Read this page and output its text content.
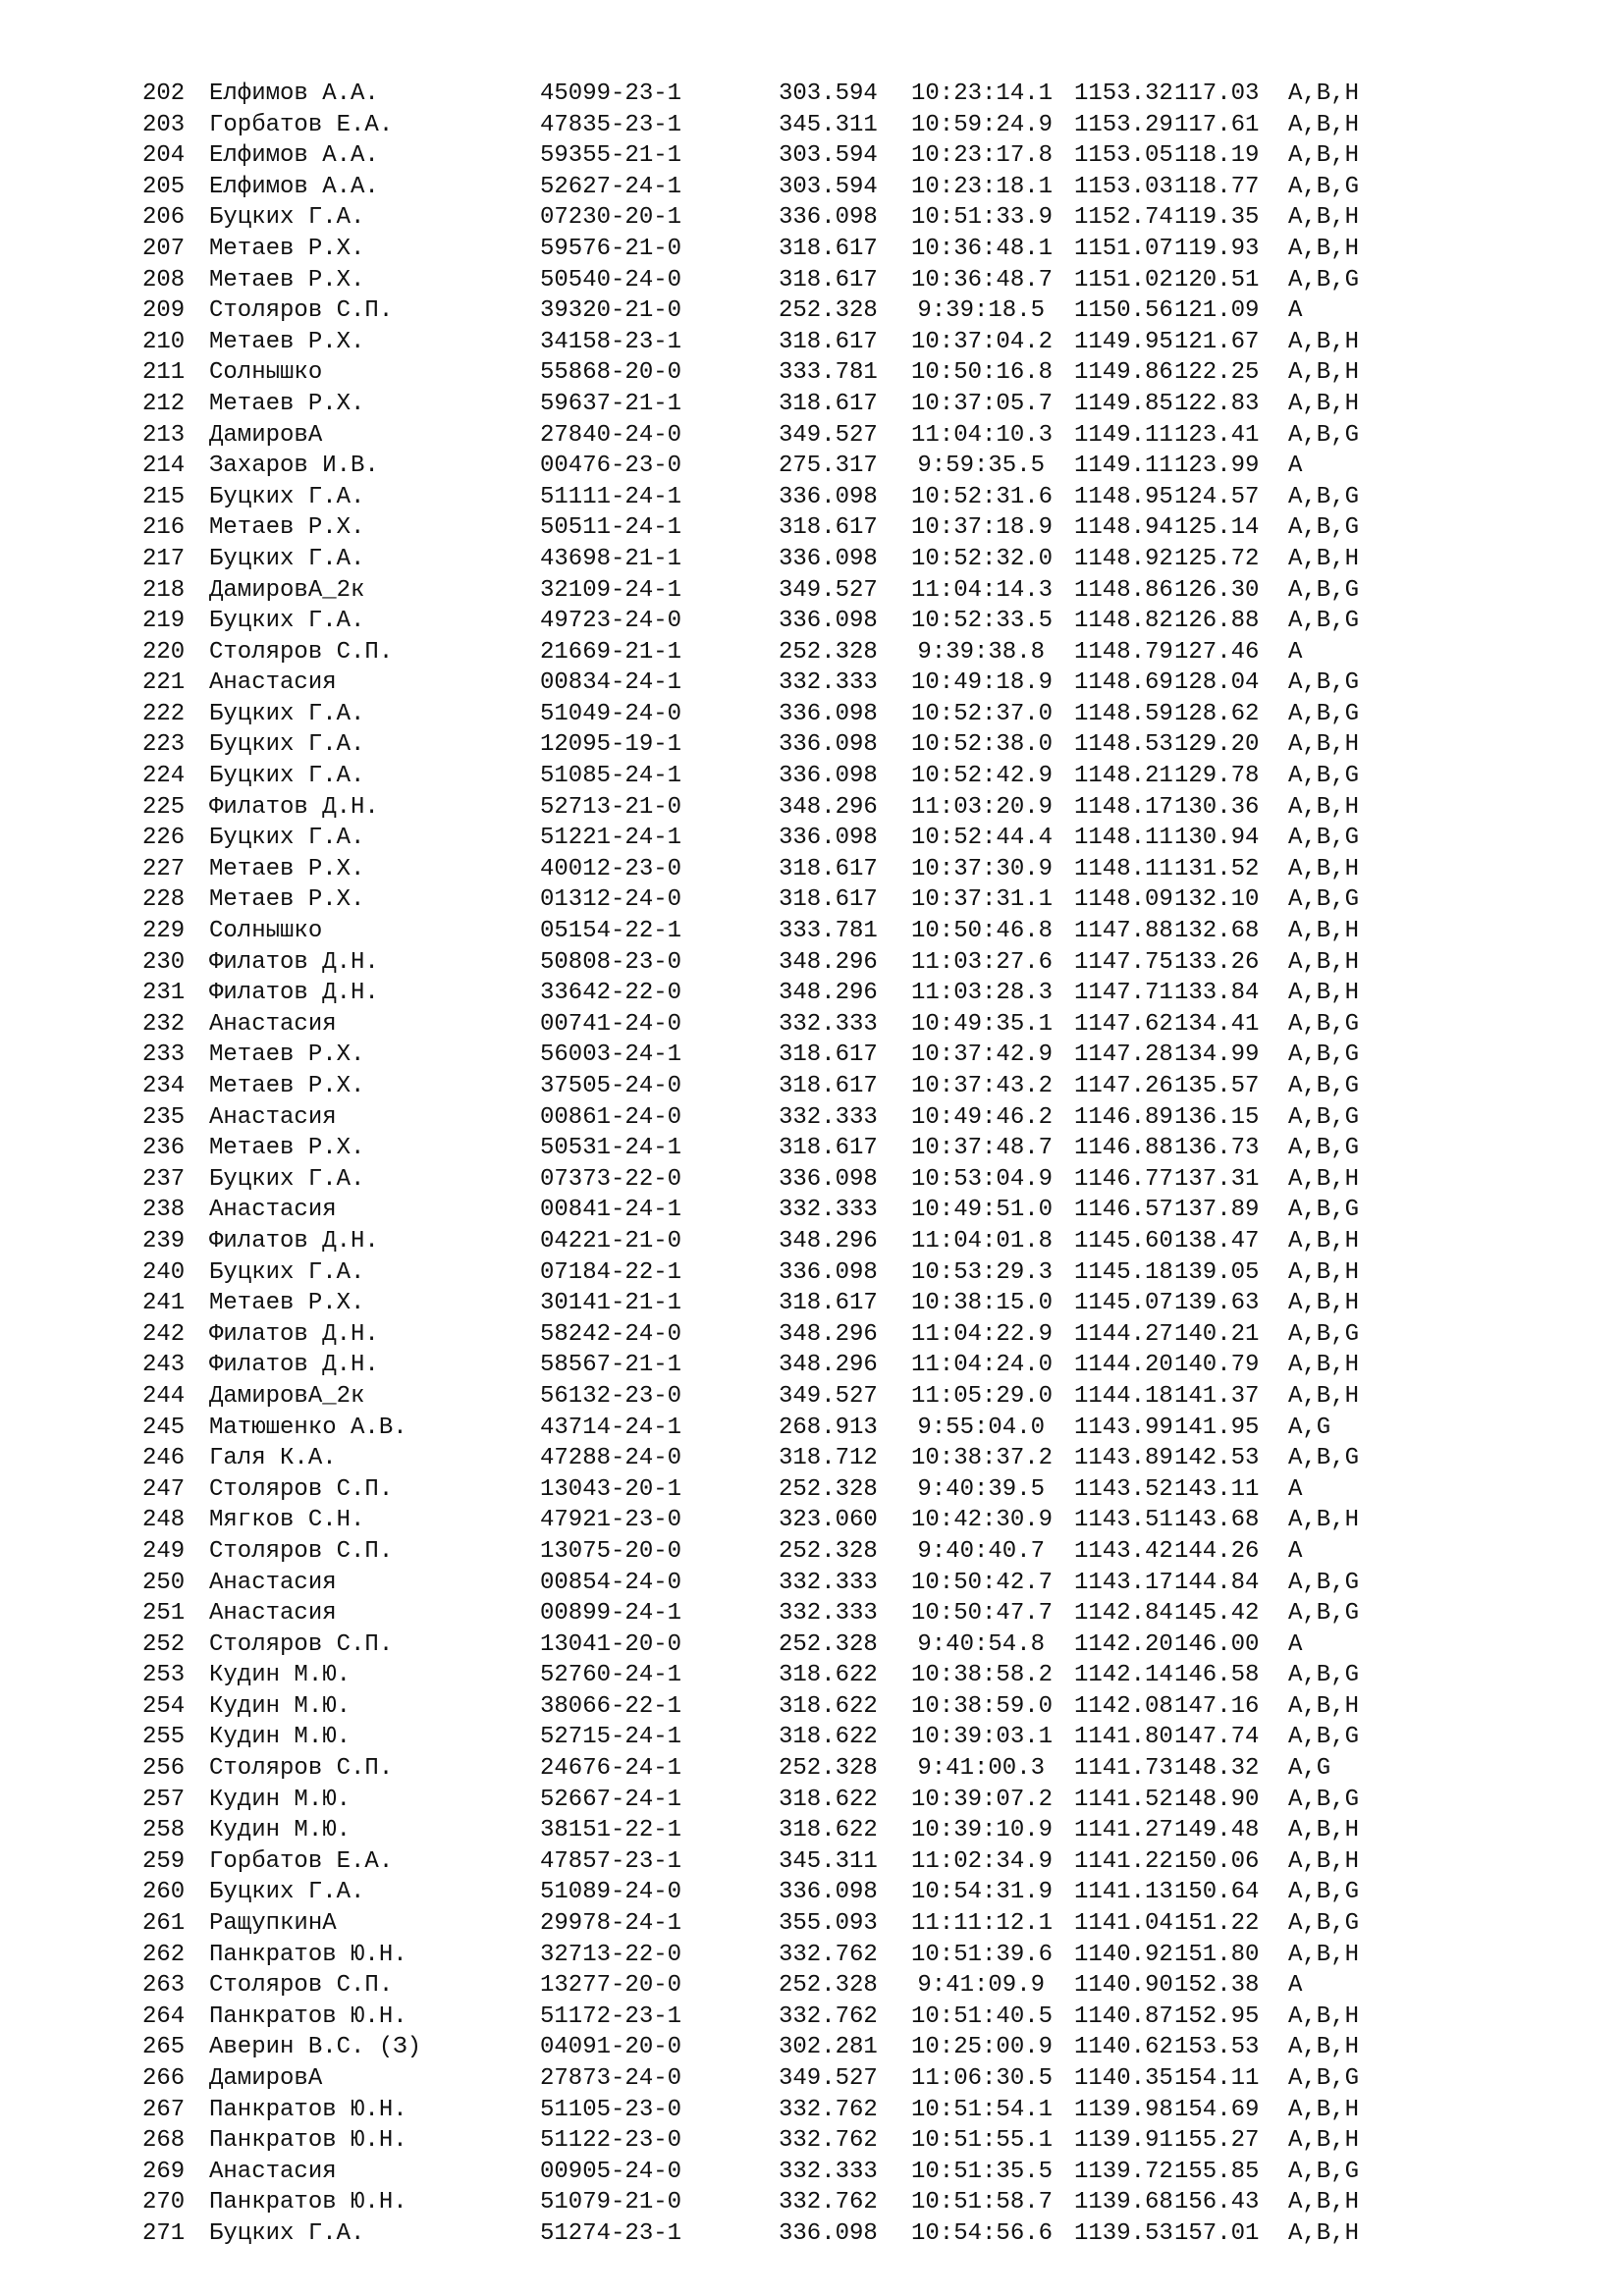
202	Елфимов А.А.	45099-23-1	303.594	10:23:14.1 1153.32 117.03	A,B,H
203	Горбатов Е.А.	47835-23-1	345.311	10:59:24.9 1153.29 117.61	A,B,H
204	Елфимов А.А.	59355-21-1	303.594	10:23:17.8 1153.05 118.19	A,B,H
205	Елфимов А.А.	52627-24-1	303.594	10:23:18.1 1153.03 118.77	A,B,G
206	Буцких Г.А.	07230-20-1	336.098	10:51:33.9 1152.74 119.35	A,B,H
207	Метаев Р.Х.	59576-21-0	318.617	10:36:48.1 1151.07 119.93	A,B,H
208	Метаев Р.Х.	50540-24-0	318.617	10:36:48.7 1151.02 120.51	A,B,G
209	Столяров С.П.	39320-21-0	252.328	9:39:18.5	1150.56 121.09	A
210	Метаев Р.Х.	34158-23-1	318.617	10:37:04.2 1149.95 121.67	A,B,H
211	Солнышко	55868-20-0	333.781	10:50:16.8 1149.86 122.25	A,B,H
212	Метаев Р.Х.	59637-21-1	318.617	10:37:05.7 1149.85 122.83	A,B,H
213	ДамировА	27840-24-0	349.527	11:04:10.3 1149.11 123.41	A,B,G
214	Захаров И.В.	00476-23-0	275.317	9:59:35.5	1149.11 123.99	A
215	Буцких Г.А.	51111-24-1	336.098	10:52:31.6 1148.95 124.57	A,B,G
216	Метаев Р.Х.	50511-24-1	318.617	10:37:18.9 1148.94 125.14	A,B,G
217	Буцких Г.А.	43698-21-1	336.098	10:52:32.0 1148.92 125.72	A,B,H
218	ДамировА_2к	32109-24-1	349.527	11:04:14.3 1148.86 126.30	A,B,G
219	Буцких Г.А.	49723-24-0	336.098	10:52:33.5 1148.82 126.88	A,B,G
220	Столяров С.П.	21669-21-1	252.328	9:39:38.8	1148.79 127.46	A
221	Анастасия	00834-24-1	332.333	10:49:18.9 1148.69 128.04	A,B,G
222	Буцких Г.А.	51049-24-0	336.098	10:52:37.0 1148.59 128.62	A,B,G
223	Буцких Г.А.	12095-19-1	336.098	10:52:38.0 1148.53 129.20	A,B,H
224	Буцких Г.А.	51085-24-1	336.098	10:52:42.9 1148.21 129.78	A,B,G
225	Филатов Д.Н.	52713-21-0	348.296	11:03:20.9 1148.17 130.36	A,B,H
226	Буцких Г.А.	51221-24-1	336.098	10:52:44.4 1148.11 130.94	A,B,G
227	Метаев Р.Х.	40012-23-0	318.617	10:37:30.9 1148.11 131.52	A,B,H
228	Метаев Р.Х.	01312-24-0	318.617	10:37:31.1 1148.09 132.10	A,B,G
229	Солнышко	05154-22-1	333.781	10:50:46.8 1147.88 132.68	A,B,H
230	Филатов Д.Н.	50808-23-0	348.296	11:03:27.6 1147.75 133.26	A,B,H
231	Филатов Д.Н.	33642-22-0	348.296	11:03:28.3 1147.71 133.84	A,B,H
232	Анастасия	00741-24-0	332.333	10:49:35.1 1147.62 134.41	A,B,G
233	Метаев Р.Х.	56003-24-1	318.617	10:37:42.9 1147.28 134.99	A,B,G
234	Метаев Р.Х.	37505-24-0	318.617	10:37:43.2 1147.26 135.57	A,B,G
235	Анастасия	00861-24-0	332.333	10:49:46.2 1146.89 136.15	A,B,G
236	Метаев Р.Х.	50531-24-1	318.617	10:37:48.7 1146.88 136.73	A,B,G
237	Буцких Г.А.	07373-22-0	336.098	10:53:04.9 1146.77 137.31	A,B,H
238	Анастасия	00841-24-1	332.333	10:49:51.0 1146.57 137.89	A,B,G
239	Филатов Д.Н.	04221-21-0	348.296	11:04:01.8 1145.60 138.47	A,B,H
240	Буцких Г.А.	07184-22-1	336.098	10:53:29.3 1145.18 139.05	A,B,H
241	Метаев Р.Х.	30141-21-1	318.617	10:38:15.0 1145.07 139.63	A,B,H
242	Филатов Д.Н.	58242-24-0	348.296	11:04:22.9 1144.27 140.21	A,B,G
243	Филатов Д.Н.	58567-21-1	348.296	11:04:24.0 1144.20 140.79	A,B,H
244	ДамировА_2к	56132-23-0	349.527	11:05:29.0 1144.18 141.37	A,B,H
245	Матюшенко А.В.	43714-24-1	268.913	9:55:04.0	1143.99 141.95	A,G
246	Галя К.А.	47288-24-0	318.712	10:38:37.2 1143.89 142.53	A,B,G
247	Столяров С.П.	13043-20-1	252.328	9:40:39.5	1143.52 143.11	A
248	Мягков С.Н.	47921-23-0	323.060	10:42:30.9 1143.51 143.68	A,B,H
249	Столяров С.П.	13075-20-0	252.328	9:40:40.7	1143.42 144.26	A
250	Анастасия	00854-24-0	332.333	10:50:42.7 1143.17 144.84	A,B,G
251	Анастасия	00899-24-1	332.333	10:50:47.7 1142.84 145.42	A,B,G
252	Столяров С.П.	13041-20-0	252.328	9:40:54.8	1142.20 146.00	A
253	Кудин М.Ю.	52760-24-1	318.622	10:38:58.2 1142.14 146.58	A,B,G
254	Кудин М.Ю.	38066-22-1	318.622	10:38:59.0 1142.08 147.16	A,B,H
255	Кудин М.Ю.	52715-24-1	318.622	10:39:03.1 1141.80 147.74	A,B,G
256	Столяров С.П.	24676-24-1	252.328	9:41:00.3	1141.73 148.32	A,G
257	Кудин М.Ю.	52667-24-1	318.622	10:39:07.2 1141.52 148.90	A,B,G
258	Кудин М.Ю.	38151-22-1	318.622	10:39:10.9 1141.27 149.48	A,B,H
259	Горбатов Е.А.	47857-23-1	345.311	11:02:34.9 1141.22 150.06	A,B,H
260	Буцких Г.А.	51089-24-0	336.098	10:54:31.9 1141.13 150.64	A,B,G
261	РащупкинА	29978-24-1	355.093	11:11:12.1 1141.04 151.22	A,B,G
262	Панкратов Ю.Н.	32713-22-0	332.762	10:51:39.6 1140.92 151.80	A,B,H
263	Столяров С.П.	13277-20-0	252.328	9:41:09.9	1140.90 152.38	A
264	Панкратов Ю.Н.	51172-23-1	332.762	10:51:40.5 1140.87 152.95	A,B,H
265	Аверин В.С. (З)	04091-20-0	302.281	10:25:00.9 1140.62 153.53	A,B,H
266	ДамировА	27873-24-0	349.527	11:06:30.5 1140.35 154.11	A,B,G
267	Панкратов Ю.Н.	51105-23-0	332.762	10:51:54.1 1139.98 154.69	A,B,H
268	Панкратов Ю.Н.	51122-23-0	332.762	10:51:55.1 1139.91 155.27	A,B,H
269	Анастасия	00905-24-0	332.333	10:51:35.5 1139.72 155.85	A,B,G
270	Панкратов Ю.Н.	51079-21-0	332.762	10:51:58.7 1139.68 156.43	A,B,H
271	Буцких Г.А.	51274-23-1	336.098	10:54:56.6 1139.53 157.01	A,B,H
